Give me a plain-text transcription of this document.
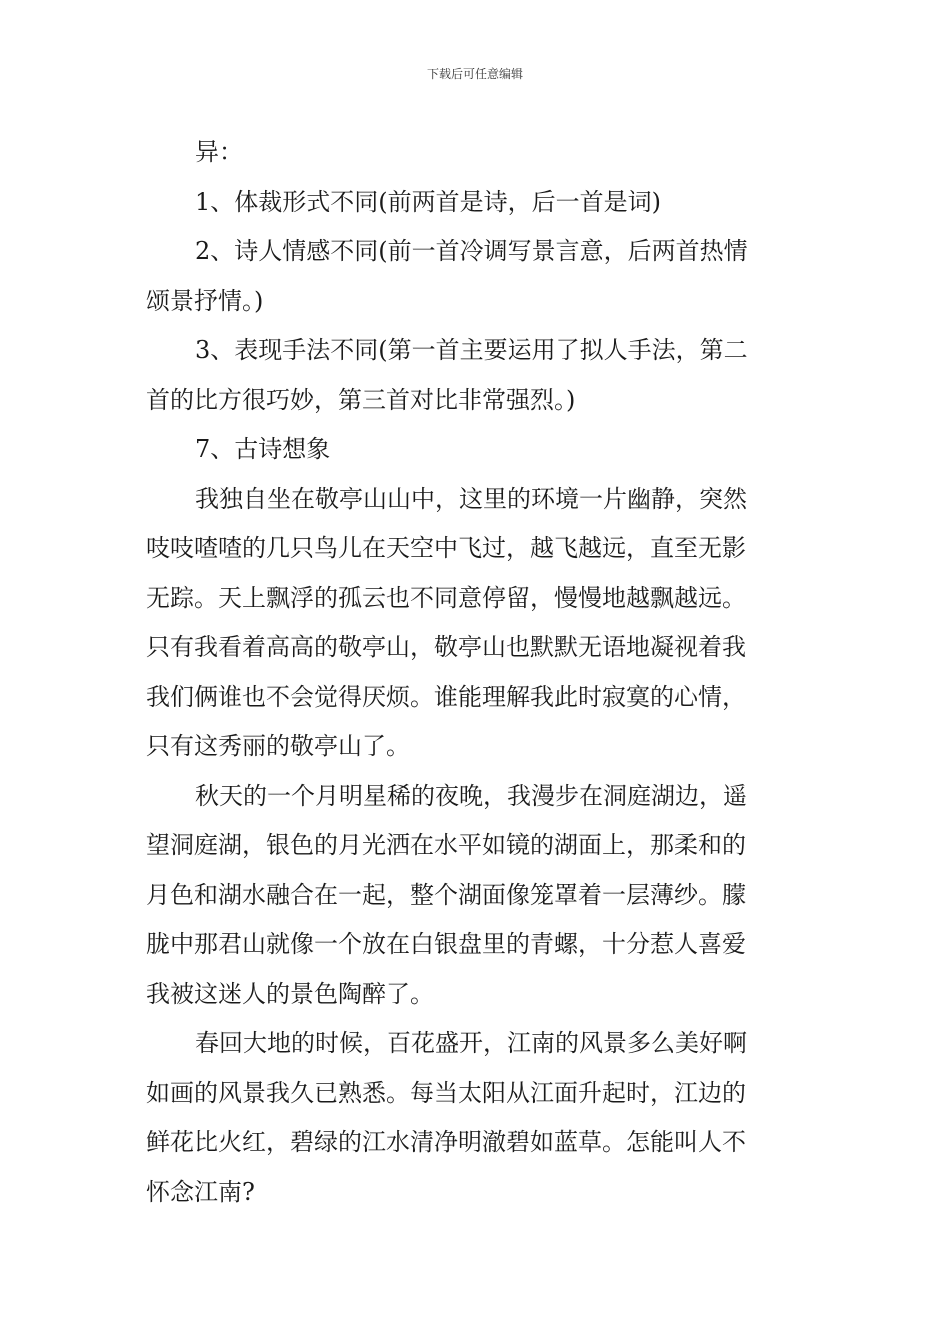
下载后可任意编辑
异：
1、体裁形式不同(前两首是诗，后一首是词)
2、诗人情感不同(前一首冷调写景言意，后两首热情
颂景抒情。)
3、表现手法不同(第一首主要运用了拟人手法，第二
首的比方很巧妙，第三首对比非常强烈。)
7、古诗想象
我独自坐在敬亭山山中，这里的环境一片幽静，突然
吱吱喳喳的几只鸟儿在天空中飞过，越飞越远，直至无影
无踪。天上飘浮的孤云也不同意停留，慢慢地越飘越远。
只有我看着高高的敬亭山，敬亭山也默默无语地凝视着我
我们俩谁也不会觉得厌烦。谁能理解我此时寂寞的心情，
只有这秀丽的敬亭山了。
秋天的一个月明星稀的夜晚，我漫步在洞庭湖边，遥
望洞庭湖，银色的月光洒在水平如镜的湖面上，那柔和的
月色和湖水融合在一起，整个湖面像笼罩着一层薄纱。朦
胧中那君山就像一个放在白银盘里的青螺，十分惹人喜爱
我被这迷人的景色陶醉了。
春回大地的时候，百花盛开，江南的风景多么美好啊
如画的风景我久已熟悉。每当太阳从江面升起时，江边的
鲜花比火红，碧绿的江水清净明澈碧如蓝草。怎能叫人不
怀念江南?
